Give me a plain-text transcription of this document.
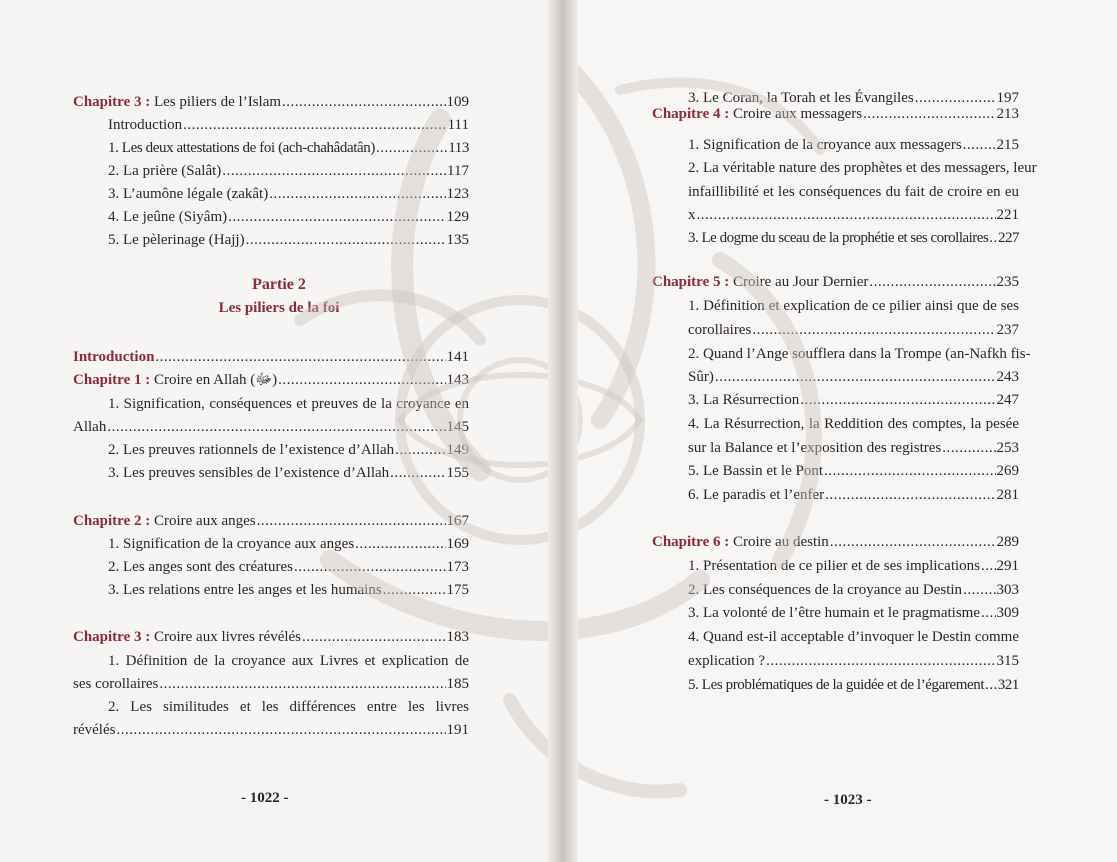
Chapitre 3 : Les piliers de l’Islam .....	109
Introduction .....	111
1. Les deux attestations de foi (ach-chahâdatân) .....	113
2. La prière (Salât) .....	117
3. L’aumône légale (zakât) .....	123
4. Le jeûne (Siyâm) .....	129
5. Le pèlerinage (Hajj) .....	135
Partie 2
Les piliers de la foi
Introduction .....	141
Chapitre 1 : Croire en Allah (ﷻ) .....	143
1. Signification, conséquences et preuves de la croyance en
Allah .....	145
2. Les preuves rationnels de l’existence d’Allah .....	149
3. Les preuves sensibles de l’existence d’Allah .....	155
Chapitre 2 : Croire aux anges .....	167
1. Signification de la croyance aux anges .....	169
2. Les anges sont des créatures .....	173
3. Les relations entre les anges et les humains .....	175
Chapitre 3 : Croire aux livres révélés .....	183
1. Définition de la croyance aux Livres et explication de
ses corollaires .....	185
2. Les similitudes et les différences entre les livres
révélés .....	191
- 1022 -
3. Le Coran, la Torah et les Évangiles .....	197
Chapitre 4 : Croire aux messagers .....	213
1. Signification de la croyance aux messagers ..... 215
2. La véritable nature des prophètes et des messagers, leur
infaillibilité et les conséquences du fait de croire en eu
x .....	221
3. Le dogme du sceau de la prophétie et ses corollaires ..... 227
Chapitre 5 : Croire au Jour Dernier .....	235
1. Définition et explication de ce pilier ainsi que de ses
corollaires .....	237
2. Quand l’Ange soufflera dans la Trompe (an-Nafkh fis-
Sûr) .....	243
3. La Résurrection .....	247
4. La Résurrection, la Reddition des comptes, la pesée
sur la Balance et l’exposition des registres .....	253
5. Le Bassin et le Pont .....	269
6. Le paradis et l’enfer .....	281
Chapitre 6 : Croire au destin .....	289
1. Présentation de ce pilier et de ses implications ..... 291
2. Les conséquences de la croyance au Destin ..... 303
3. La volonté de l’être humain et le pragmatisme ..... 309
4. Quand est-il acceptable d’invoquer le Destin comme
explication ? .....	315
5. Les problématiques de la guidée et de l’égarement ..... 321
- 1023 -
